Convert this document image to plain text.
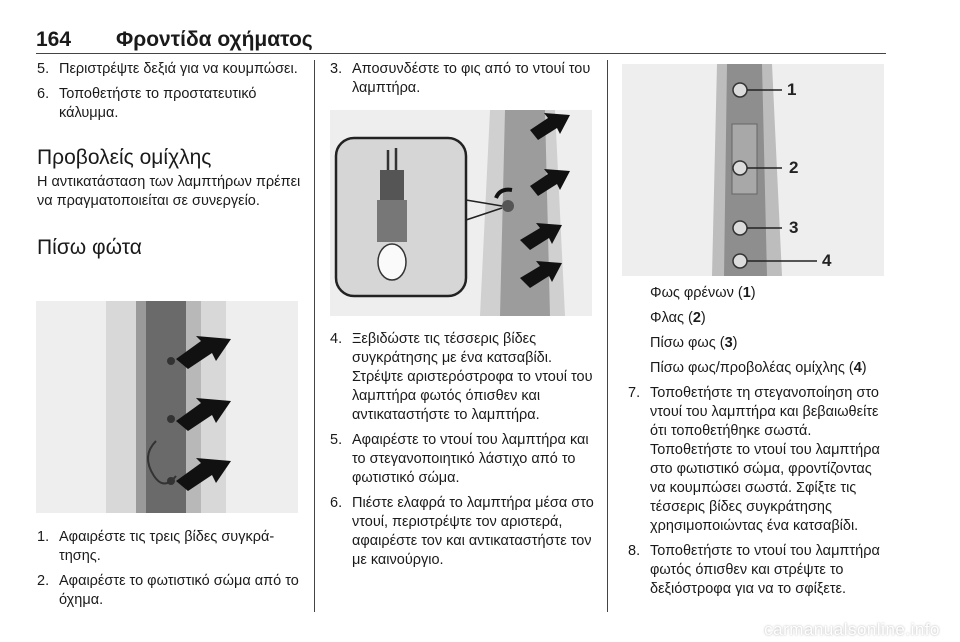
164 Φροντίδα οχήματος
5. Περιστρέψτε δεξιά για να κουμπώσει.
6. Τοποθετήστε το προστατευτικό κάλυμμα.
Προβολείς ομίχλης

Η αντικατάσταση των λαμπτήρων πρέπει να πραγματοποιείται σε συνεργείο.

Πίσω φώτα
1. Αφαιρέστε τις τρεις βίδες συγκράτησης.
2. Αφαιρέστε το φωτιστικό σώμα από το όχημα.
3. Αποσυνδέστε το φις από το ντουί του λαμπτήρα.
4. Ξεβιδώστε τις τέσσερις βίδες συγκράτησης με ένα κατσαβίδι. Στρέψτε αριστερόστροφα το ντουί του λαμπτήρα φωτός όπισθεν και αντικαταστήστε το λαμπτήρα.
5. Αφαιρέστε το ντουί του λαμπτήρα και το στεγανοποιητικό λάστιχο από το φωτιστικό σώμα.
6. Πιέστε ελαφρά το λαμπτήρα μέσα στο ντουί, περιστρέψτε τον αριστερά, αφαιρέστε τον και αντικαταστήστε τον με καινούργιο.
1
2
3
4

Φως φρένων (1)

Φλας (2)

Πίσω φως (3)

Πίσω φως/προβολέας ομίχλης (4)

7. Τοποθετήστε τη στεγανοποίηση στο ντουί του λαμπτήρα και βεβαιωθείτε ότι τοποθετήθηκε σωστά. Τοποθετήστε το ντουί του λαμπτήρα στο φωτιστικό σώμα, φροντίζοντας να κουμπώσει σωστά. Σφίξτε τις τέσσερις βίδες συγκράτησης χρησιμοποιώντας ένα κατσαβίδι.
8. Τοποθετήστε το ντουί του λαμπτήρα φωτός όπισθεν και στρέψτε το δεξιόστροφα για να το σφίξετε.
carmanualsonline.info
